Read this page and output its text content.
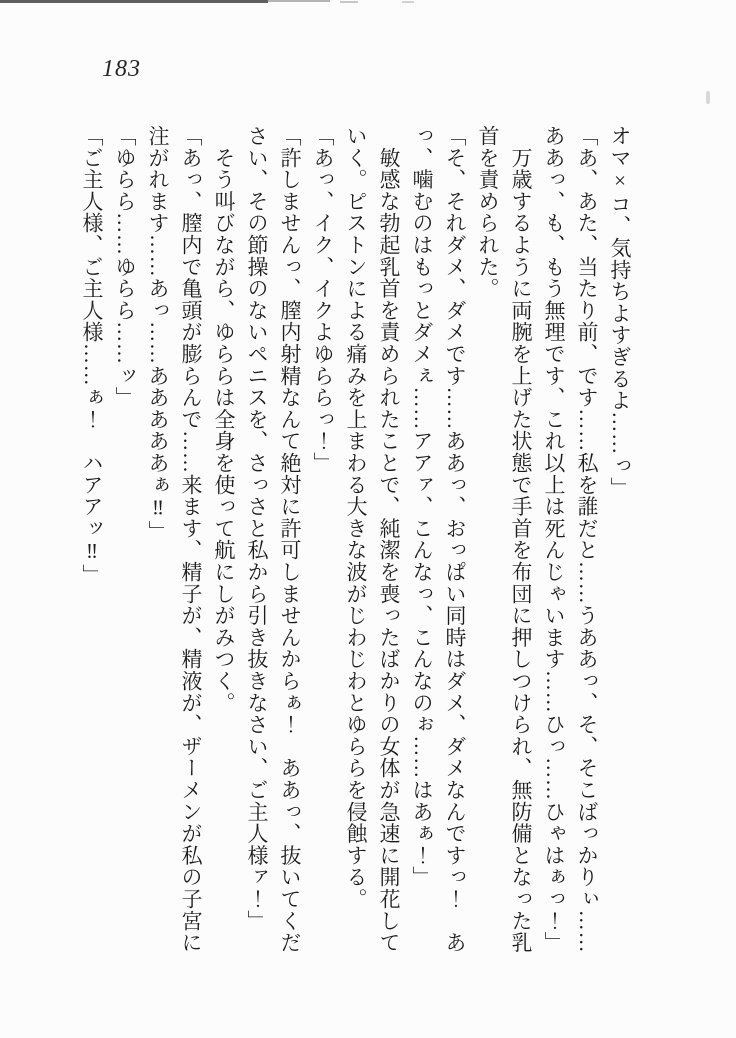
183

オマ×コ、気持ちよすぎるよ……っ」

「あ、あた、当たり前、です……私を誰だと……うああっ、そ、そこばっかりぃ……

ああっ、も、もう無理です、これ以上は死んじゃいます……ひっ……ひゃはぁっ！」

　万歳するように両腕を上げた状態で手首を布団に押しつけられ、無防備となった乳

首を責められた。

「そ、それダメ、ダメです……ああっ、おっぱい同時はダメ、ダメなんですっ！　あ

っ、噛むのはもっとダメぇ……アアァ、こんなっ、こんなのぉ……はあぁ！」

　敏感な勃起乳首を責められたことで、純潔を喪ったばかりの女体が急速に開花して

いく。ピストンによる痛みを上まわる大きな波がじわじわとゆららを侵蝕する。

「あっ、イク、イクよゆららっ！」

「許しませんっ、膣内射精なんて絶対に許可しませんからぁ！　ああっ、抜いてくだ

さい、その節操のないペニスを、さっさと私から引き抜きなさい、ご主人様ァ！」

　そう叫びながら、ゆららは全身を使って航にしがみつく。

「あっ、膣内で亀頭が膨らんで……来ます、精子が、精液が、ザーメンが私の子宮に

注がれます……あっ……あああああぁ‼」

「ゆらら……ゆらら……ッ」

「ご主人様、ご主人様……ぁ！　ハアアッ‼」
